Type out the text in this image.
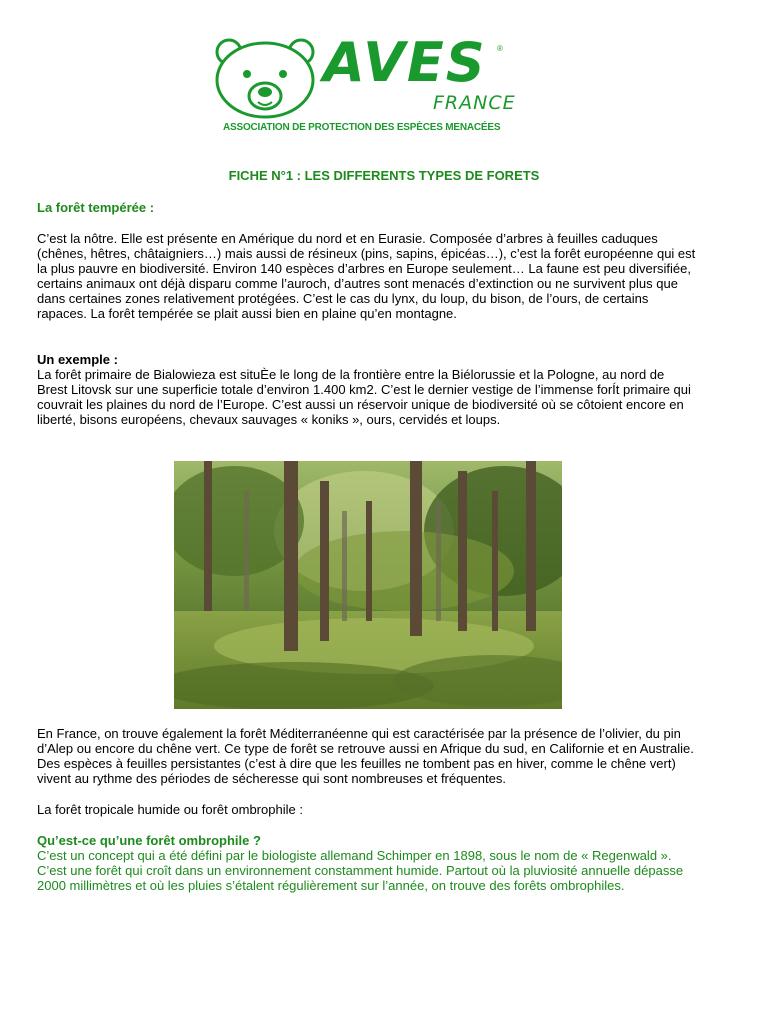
AVES ®
FRANCE
ASSOCIATION DE PROTECTION DES ESPÈCES MENACÉES
FICHE N°1 : LES DIFFERENTS TYPES DE FORETS
La forêt tempérée :

C’est la nôtre. Elle est présente en Amérique du nord et en Eurasie. Composée d’arbres à feuilles caduques (chênes, hêtres, châtaigniers…) mais aussi de résineux (pins, sapins, épicéas…), c’est la forêt européenne qui est la plus pauvre en biodiversité. Environ 140 espèces d’arbres en Europe seulement… La faune est peu diversifiée, certains animaux ont déjà disparu comme l’auroch, d’autres sont menacés d’extinction ou ne survivent plus que dans certaines zones relativement protégées. C’est le cas du lynx, du loup, du bison, de l’ours, de certains rapaces. La forêt tempérée se plait aussi bien en plaine qu’en montagne.

Un exemple :

La forêt primaire de Bialowieza est situÈe le long de la frontière entre la Biélorussie et la Pologne, au nord de Brest Litovsk sur une superficie totale d’environ 1.400 km2. C’est le dernier vestige de l’immense forÍt primaire qui couvrait les plaines du nord de l’Europe. C’est aussi un réservoir unique de biodiversité où se côtoient encore en liberté, bisons européens, chevaux sauvages « koniks », ours, cervidés et loups.

En France, on trouve également la forêt Méditerranéenne qui est caractérisée par la présence de l’olivier, du pin d’Alep ou encore du chêne vert. Ce type de forêt se retrouve aussi en Afrique du sud, en Californie et en Australie. Des espèces à feuilles persistantes (c’est à dire que les feuilles ne tombent pas en hiver, comme le chêne vert) vivent au rythme des périodes de sécheresse qui sont nombreuses et fréquentes.

La forêt tropicale humide ou forêt ombrophile :
Qu’est-ce qu’une forêt ombrophile ?

C’est un concept qui a été défini par le biologiste allemand Schimper en 1898, sous le nom de « Regenwald ». C’est une forêt qui croît dans un environnement constamment humide. Partout où la pluviosité annuelle dépasse 2000 millimètres et où les pluies s’étalent régulièrement sur l’année, on trouve des forêts ombrophiles.
